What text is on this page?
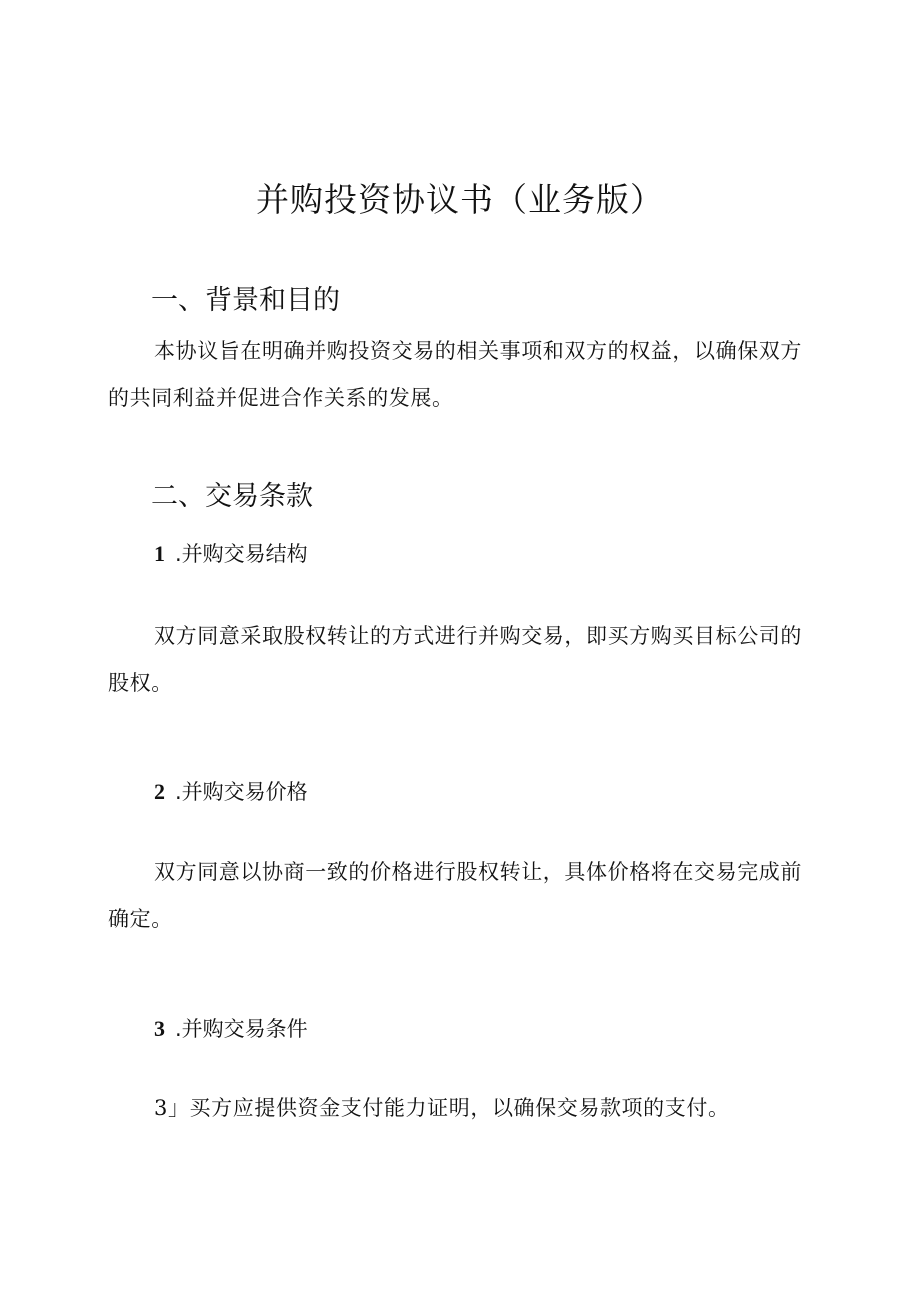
并购投资协议书（业务版）
一、背景和目的

本协议旨在明确并购投资交易的相关事项和双方的权益，以确保双方的共同利益并促进合作关系的发展。

二、交易条款
1 .并购交易结构

双方同意采取股权转让的方式进行并购交易，即买方购买目标公司的股权。

2 .并购交易价格

双方同意以协商一致的价格进行股权转让，具体价格将在交易完成前确定。

3 .并购交易条件

3」买方应提供资金支付能力证明，以确保交易款项的支付。
